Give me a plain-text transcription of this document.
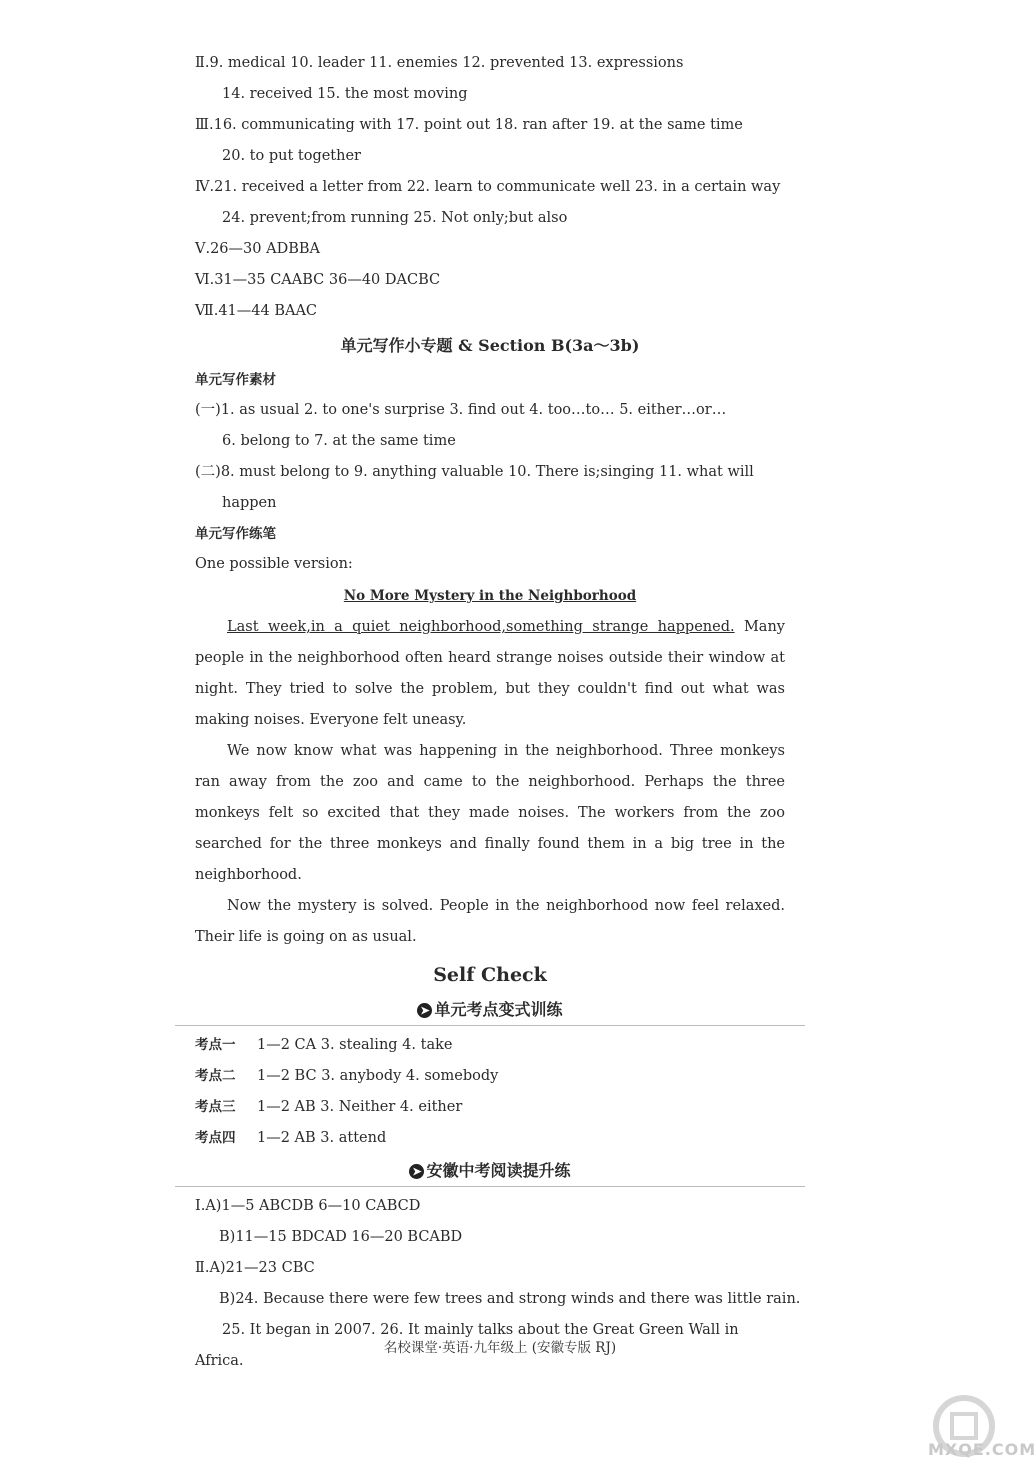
Ⅱ.9. medical 10. leader 11. enemies 12. prevented 13. expressions
14. received 15. the most moving
Ⅲ.16. communicating with 17. point out 18. ran after 19. at the same time
20. to put together
Ⅳ.21. received a letter from 22. learn to communicate well 23. in a certain way
24. prevent;from running 25. Not only;but also
Ⅴ.26—30 ADBBA
Ⅵ.31—35 CAABC 36—40 DACBC
Ⅶ.41—44 BAAC
单元写作小专题 & Section B(3a～3b)
单元写作素材
(一)1. as usual 2. to one's surprise 3. find out 4. too…to… 5. either…or…
6. belong to 7. at the same time
(二)8. must belong to 9. anything valuable 10. There is;singing 11. what will
happen
单元写作练笔
One possible version:
No More Mystery in the Neighborhood
Last week,in a quiet neighborhood,something strange happened. Many people in the neighborhood often heard strange noises outside their window at night. They tried to solve the problem, but they couldn't find out what was making noises. Everyone felt uneasy.
We now know what was happening in the neighborhood. Three monkeys ran away from the zoo and came to the neighborhood. Perhaps the three monkeys felt so excited that they made noises. The workers from the zoo searched for the three monkeys and finally found them in a big tree in the neighborhood.
Now the mystery is solved. People in the neighborhood now feel relaxed. Their life is going on as usual.
Self Check
➤ 单元考点变式训练
考点一 1—2 CA 3. stealing 4. take
考点二 1—2 BC 3. anybody 4. somebody
考点三 1—2 AB 3. Neither 4. either
考点四 1—2 AB 3. attend
➤ 安徽中考阅读提升练
Ⅰ.A)1—5 ABCDB 6—10 CABCD
B)11—15 BDCAD 16—20 BCABD
Ⅱ.A)21—23 CBC
B)24. Because there were few trees and strong winds and there was little rain.
25. It began in 2007. 26. It mainly talks about the Great Green Wall in
Africa.
名校课堂·英语·九年级上 (安徽专版 RJ)
MXQE.COM
